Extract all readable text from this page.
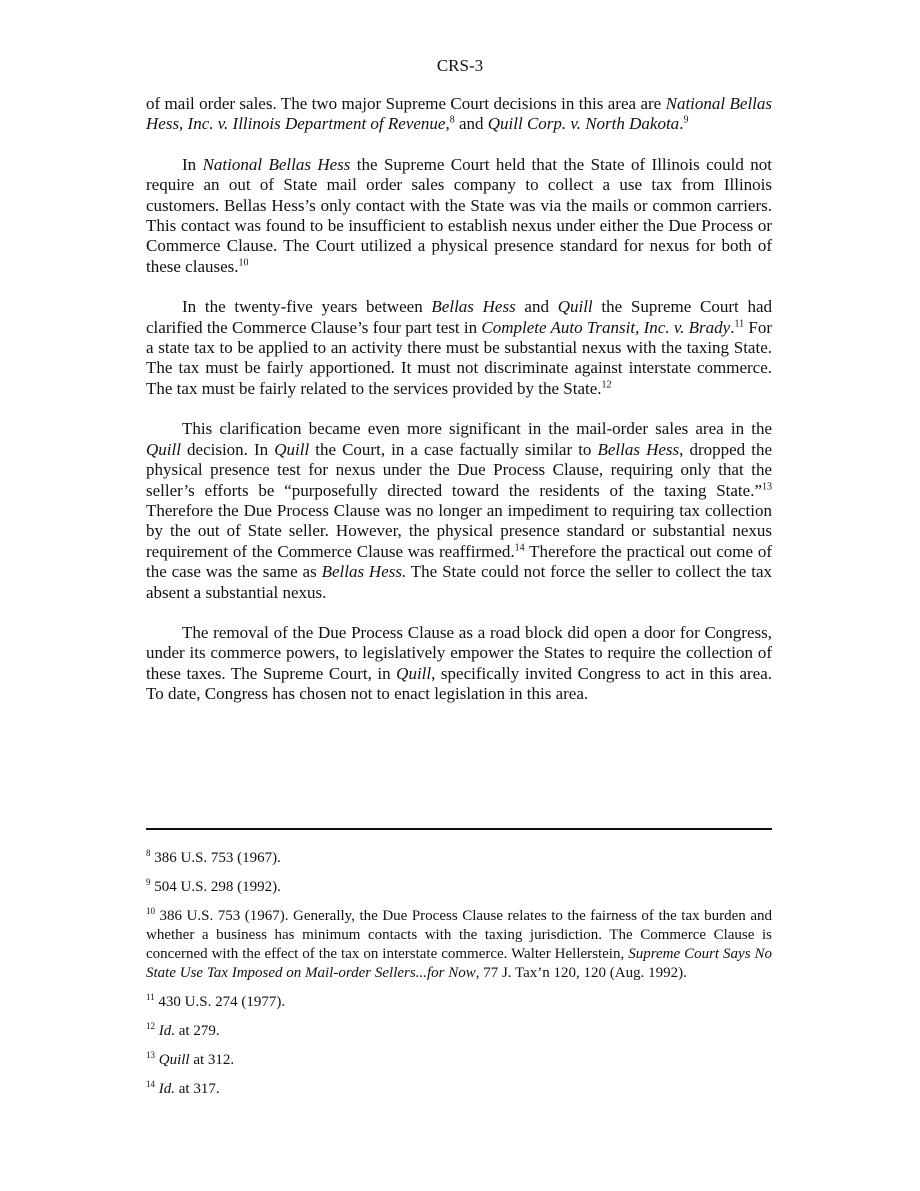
CRS-3

of mail order sales. The two major Supreme Court decisions in this area are National Bellas Hess, Inc. v. Illinois Department of Revenue,$^8$ and Quill Corp. v. North Dakota.$^9$

In National Bellas Hess the Supreme Court held that the State of Illinois could not require an out of State mail order sales company to collect a use tax from Illinois customers. Bellas Hess’s only contact with the State was via the mails or common carriers. This contact was found to be insufficient to establish nexus under either the Due Process or Commerce Clause. The Court utilized a physical presence standard for nexus for both of these clauses.$^{10}$

In the twenty-five years between Bellas Hess and Quill the Supreme Court had clarified the Commerce Clause’s four part test in Complete Auto Transit, Inc. v. Brady.$^{11}$ For a state tax to be applied to an activity there must be substantial nexus with the taxing State. The tax must be fairly apportioned. It must not discriminate against interstate commerce. The tax must be fairly related to the services provided by the State.$^{12}$

This clarification became even more significant in the mail-order sales area in the Quill decision. In Quill the Court, in a case factually similar to Bellas Hess, dropped the physical presence test for nexus under the Due Process Clause, requiring only that the seller’s efforts be “purposefully directed toward the residents of the taxing State.”$^{13}$ Therefore the Due Process Clause was no longer an impediment to requiring tax collection by the out of State seller. However, the physical presence standard or substantial nexus requirement of the Commerce Clause was reaffirmed.$^{14}$ Therefore the practical out come of the case was the same as Bellas Hess. The State could not force the seller to collect the tax absent a substantial nexus.

The removal of the Due Process Clause as a road block did open a door for Congress, under its commerce powers, to legislatively empower the States to require the collection of these taxes. The Supreme Court, in Quill, specifically invited Congress to act in this area. To date, Congress has chosen not to enact legislation in this area.

$^8$ 386 U.S. 753 (1967).

$^9$ 504 U.S. 298 (1992).

$^{10}$ 386 U.S. 753 (1967). Generally, the Due Process Clause relates to the fairness of the tax burden and whether a business has minimum contacts with the taxing jurisdiction. The Commerce Clause is concerned with the effect of the tax on interstate commerce. Walter Hellerstein, Supreme Court Says No State Use Tax Imposed on Mail-order Sellers...for Now, 77 J. Tax’n 120, 120 (Aug. 1992).

$^{11}$ 430 U.S. 274 (1977).

$^{12}$ Id. at 279.

$^{13}$ Quill at 312.

$^{14}$ Id. at 317.
